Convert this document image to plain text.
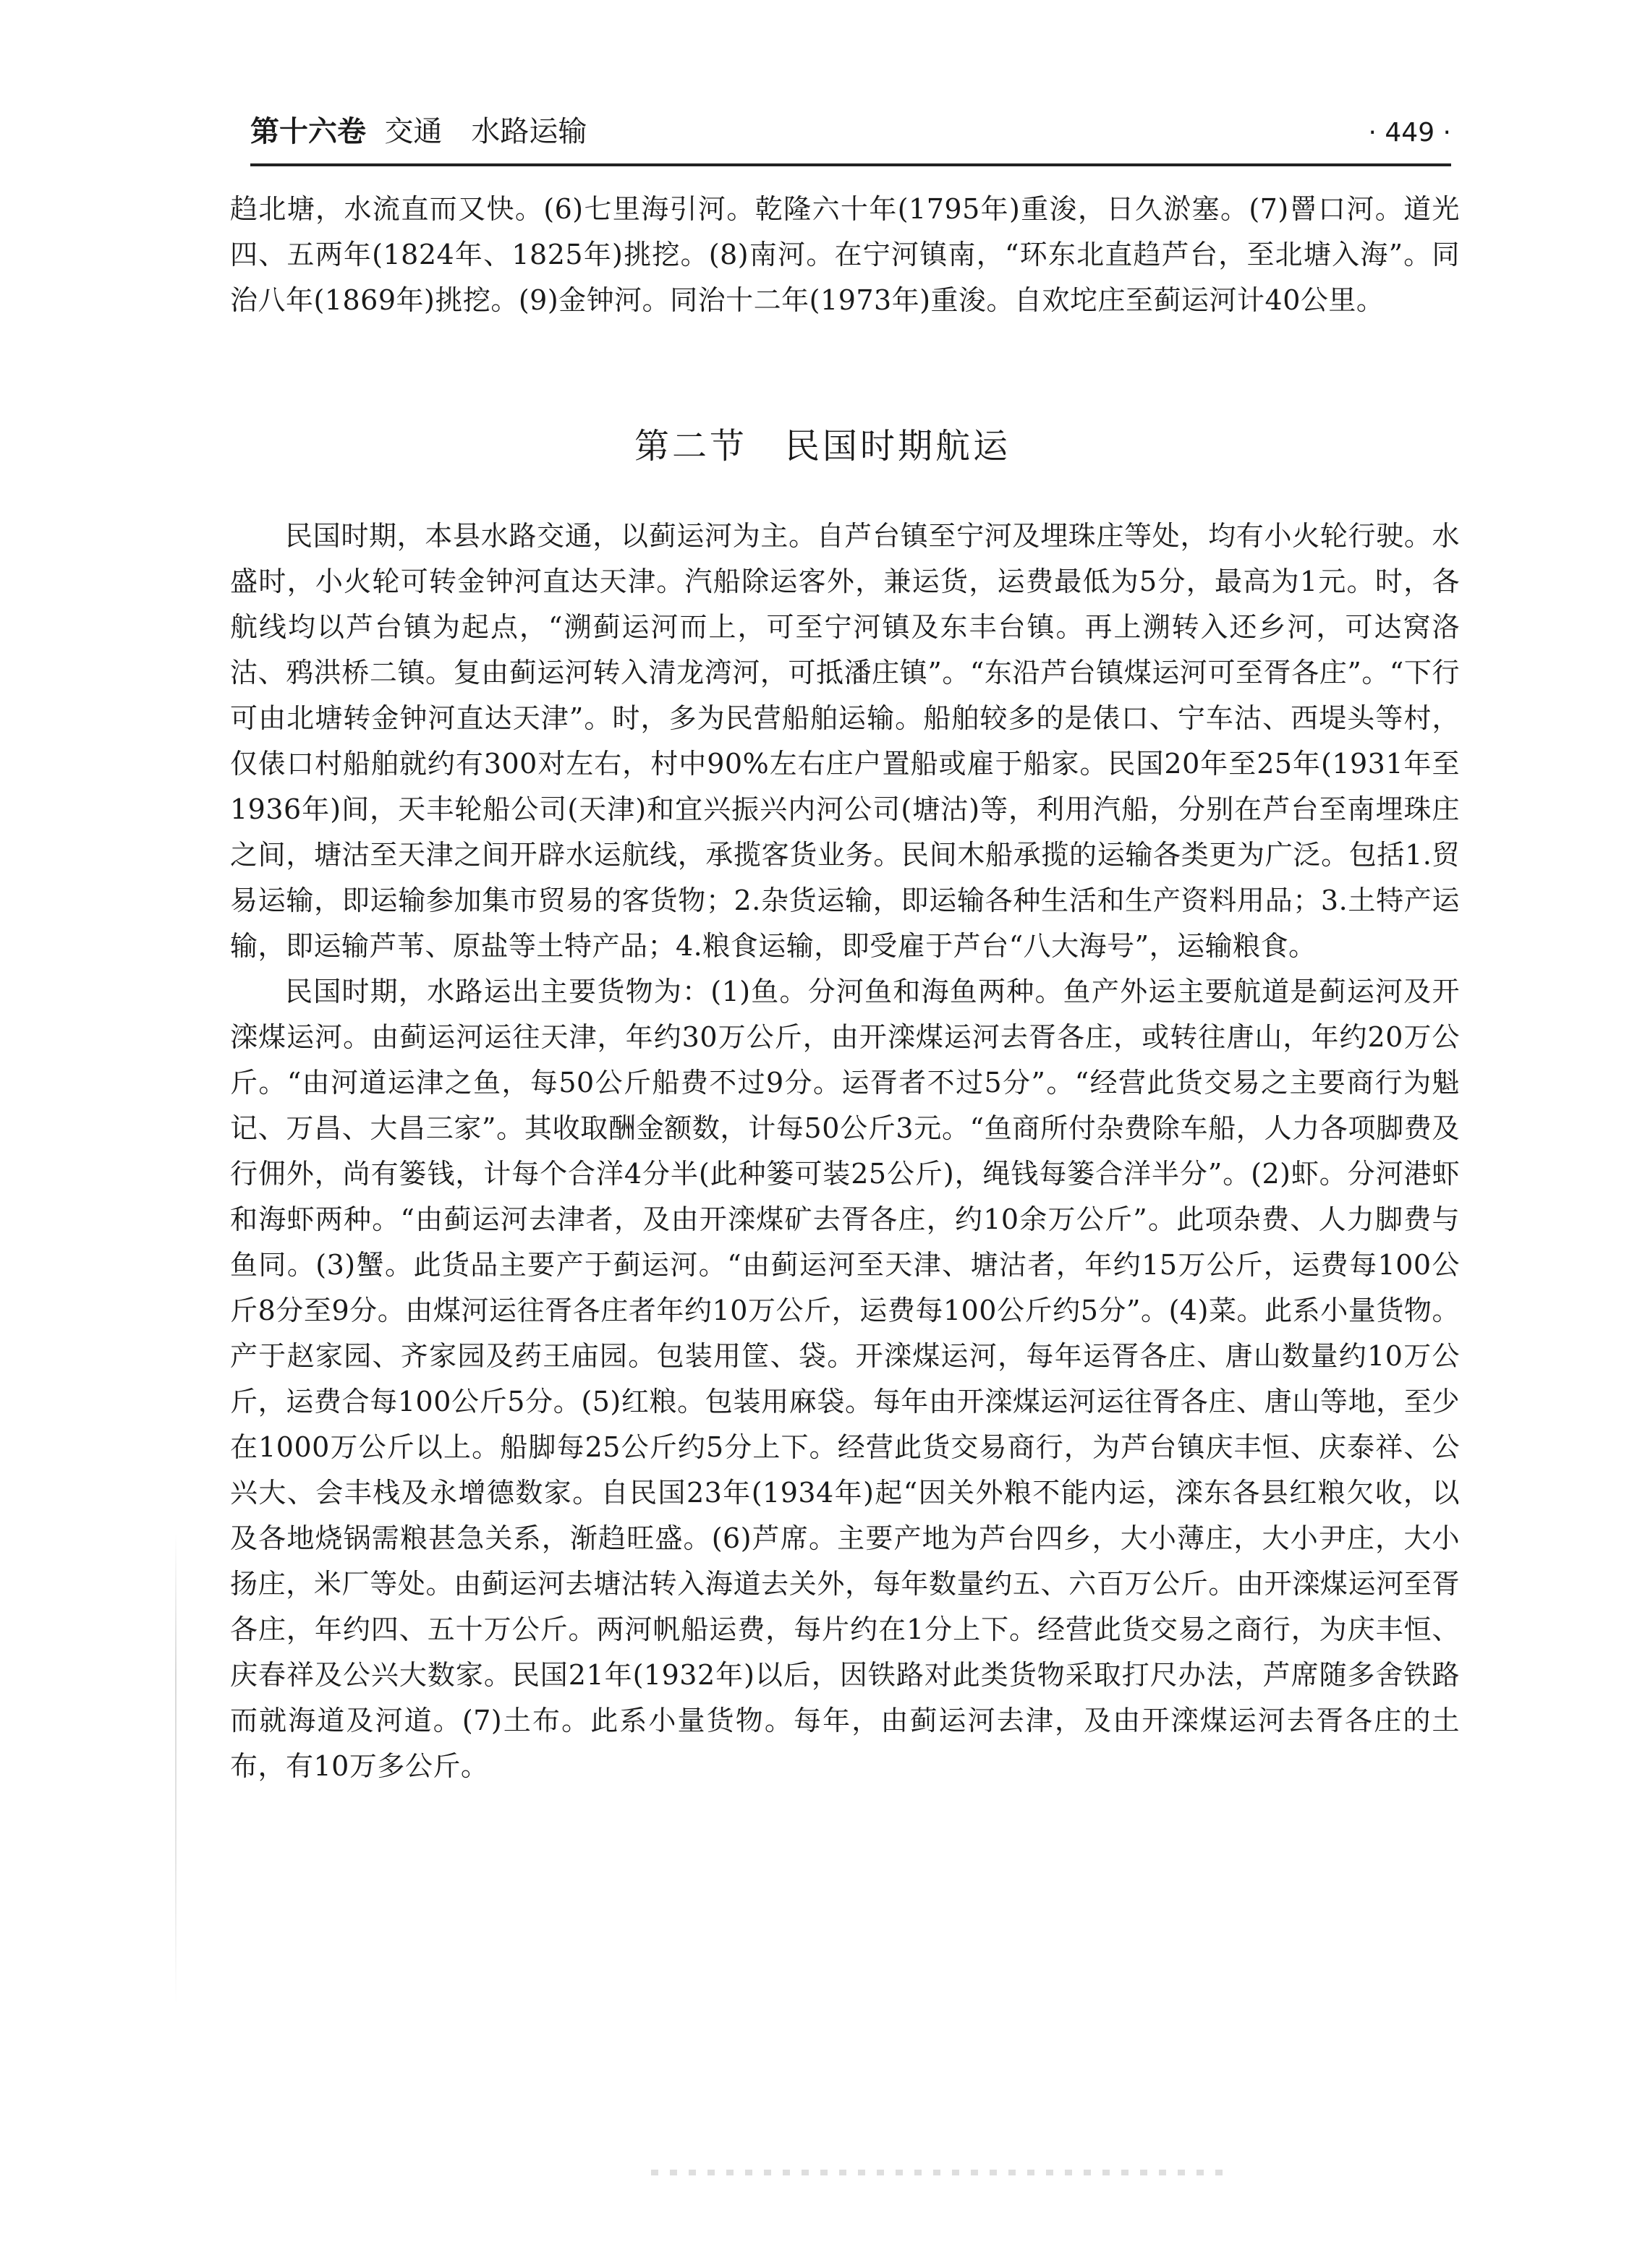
第十六卷 交通　水路运输	· 449 ·

趋北塘，水流直而又快。(6)七里海引河。乾隆六十年(1795年)重浚，日久淤塞。(7)罾口河。道光四、五两年(1824年、1825年)挑挖。(8)南河。在宁河镇南，“环东北直趋芦台，至北塘入海”。同治八年(1869年)挑挖。(9)金钟河。同治十二年(1973年)重浚。自欢坨庄至蓟运河计40公里。

第二节　民国时期航运

民国时期，本县水路交通，以蓟运河为主。自芦台镇至宁河及埋珠庄等处，均有小火轮行驶。水盛时，小火轮可转金钟河直达天津。汽船除运客外，兼运货，运费最低为5分，最高为1元。时，各航线均以芦台镇为起点，“溯蓟运河而上，可至宁河镇及东丰台镇。再上溯转入还乡河，可达窝洛沽、鸦洪桥二镇。复由蓟运河转入清龙湾河，可抵潘庄镇”。“东沿芦台镇煤运河可至胥各庄”。“下行可由北塘转金钟河直达天津”。时，多为民营船舶运输。船舶较多的是俵口、宁车沽、西堤头等村，仅俵口村船舶就约有300对左右，村中90%左右庄户置船或雇于船家。民国20年至25年(1931年至1936年)间，天丰轮船公司(天津)和宜兴振兴内河公司(塘沽)等，利用汽船，分别在芦台至南埋珠庄之间，塘沽至天津之间开辟水运航线，承揽客货业务。民间木船承揽的运输各类更为广泛。包括1.贸易运输，即运输参加集市贸易的客货物；2.杂货运输，即运输各种生活和生产资料用品；3.土特产运输，即运输芦苇、原盐等土特产品；4.粮食运输，即受雇于芦台“八大海号”，运输粮食。

民国时期，水路运出主要货物为：(1)鱼。分河鱼和海鱼两种。鱼产外运主要航道是蓟运河及开滦煤运河。由蓟运河运往天津，年约30万公斤，由开滦煤运河去胥各庄，或转往唐山，年约20万公斤。“由河道运津之鱼，每50公斤船费不过9分。运胥者不过5分”。“经营此货交易之主要商行为魁记、万昌、大昌三家”。其收取酬金额数，计每50公斤3元。“鱼商所付杂费除车船，人力各项脚费及行佣外，尚有篓钱，计每个合洋4分半(此种篓可装25公斤)，绳钱每篓合洋半分”。(2)虾。分河港虾和海虾两种。“由蓟运河去津者，及由开滦煤矿去胥各庄，约10余万公斤”。此项杂费、人力脚费与鱼同。(3)蟹。此货品主要产于蓟运河。“由蓟运河至天津、塘沽者，年约15万公斤，运费每100公斤8分至9分。由煤河运往胥各庄者年约10万公斤，运费每100公斤约5分”。(4)菜。此系小量货物。产于赵家园、齐家园及药王庙园。包装用筐、袋。开滦煤运河，每年运胥各庄、唐山数量约10万公斤，运费合每100公斤5分。(5)红粮。包装用麻袋。每年由开滦煤运河运往胥各庄、唐山等地，至少在1000万公斤以上。船脚每25公斤约5分上下。经营此货交易商行，为芦台镇庆丰恒、庆泰祥、公兴大、会丰栈及永增德数家。自民国23年(1934年)起“因关外粮不能内运，滦东各县红粮欠收，以及各地烧锅需粮甚急关系，渐趋旺盛。(6)芦席。主要产地为芦台四乡，大小薄庄，大小尹庄，大小扬庄，米厂等处。由蓟运河去塘沽转入海道去关外，每年数量约五、六百万公斤。由开滦煤运河至胥各庄，年约四、五十万公斤。两河帆船运费，每片约在1分上下。经营此货交易之商行，为庆丰恒、庆春祥及公兴大数家。民国21年(1932年)以后，因铁路对此类货物采取打尺办法，芦席随多舍铁路而就海道及河道。(7)土布。此系小量货物。每年，由蓟运河去津，及由开滦煤运河去胥各庄的土布，有10万多公斤。
